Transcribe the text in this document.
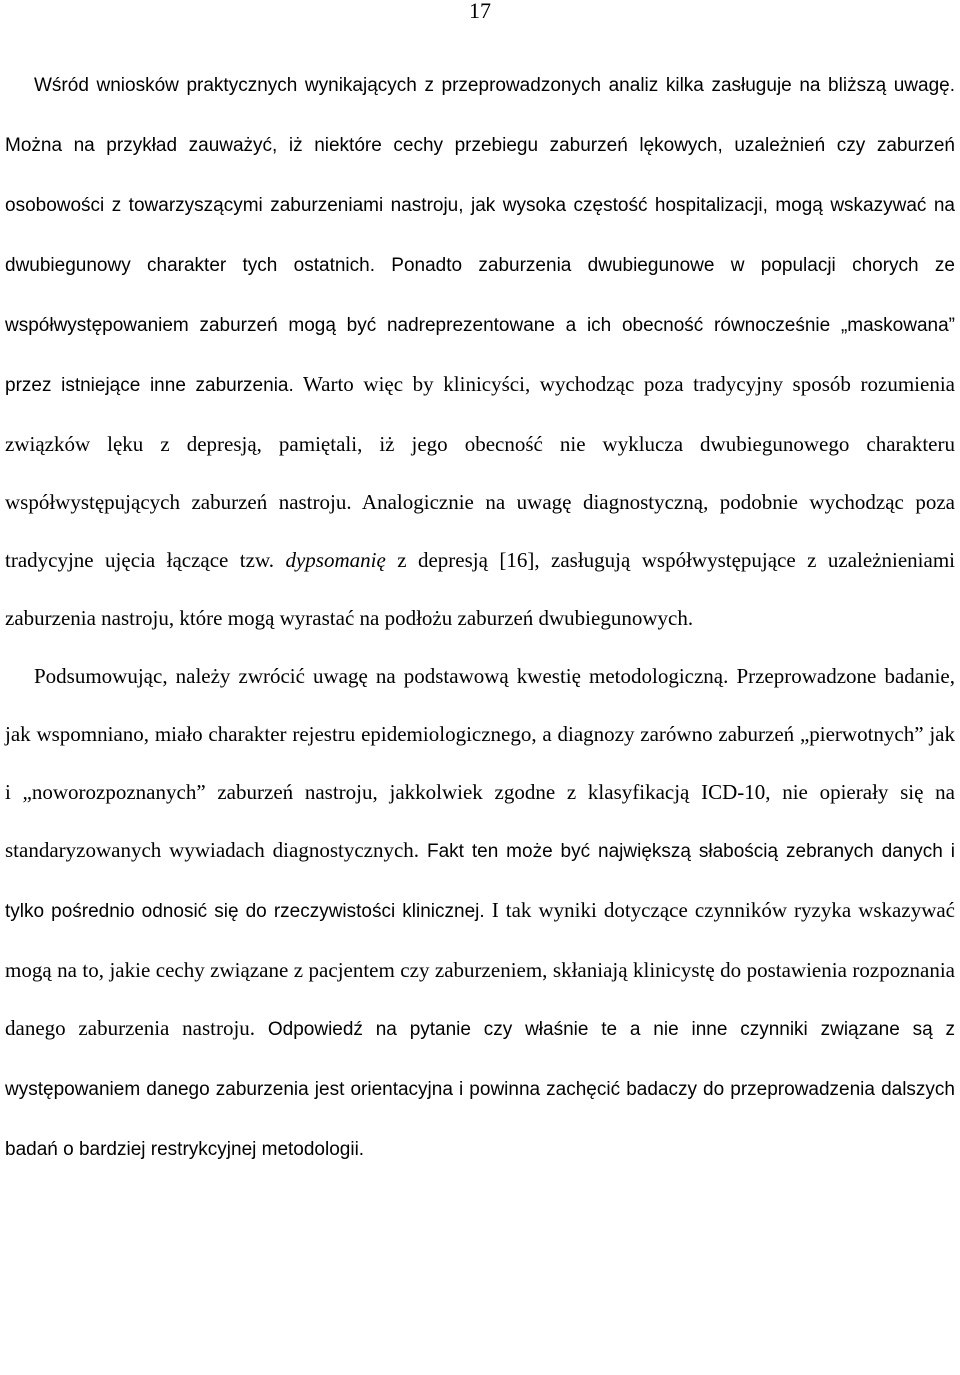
17

Wśród wniosków praktycznych wynikających z przeprowadzonych analiz kilka zasługuje na bliższą uwagę. Można na przykład zauważyć, iż niektóre cechy przebiegu zaburzeń lękowych, uzależnień czy zaburzeń osobowości z towarzyszącymi zaburzeniami nastroju, jak wysoka częstość hospitalizacji, mogą wskazywać na dwubiegunowy charakter tych ostatnich. Ponadto zaburzenia dwubiegunowe w populacji chorych ze współwystępowaniem zaburzeń mogą być nadreprezentowane a ich obecność równocześnie „maskowana” przez istniejące inne zaburzenia. Warto więc by klinicyści, wychodząc poza tradycyjny sposób rozumienia związków lęku z depresją, pamiętali, iż jego obecność nie wyklucza dwubiegunowego charakteru współwystępujących zaburzeń nastroju. Analogicznie na uwagę diagnostyczną, podobnie wychodząc poza tradycyjne ujęcia łączące tzw. dypsomanię z depresją [16], zasługują współwystępujące z uzależnieniami zaburzenia nastroju, które mogą wyrastać na podłożu zaburzeń dwubiegunowych.

Podsumowując, należy zwrócić uwagę na podstawową kwestię metodologiczną. Przeprowadzone badanie, jak wspomniano, miało charakter rejestru epidemiologicznego, a diagnozy zarówno zaburzeń „pierwotnych” jak i „noworozpoznanych” zaburzeń nastroju, jakkolwiek zgodne z klasyfikacją ICD-10, nie opierały się na standaryzowanych wywiadach diagnostycznych. Fakt ten może być największą słabością zebranych danych i tylko pośrednio odnosić się do rzeczywistości klinicznej. I tak wyniki dotyczące czynników ryzyka wskazywać mogą na to, jakie cechy związane z pacjentem czy zaburzeniem, skłaniają klinicystę do postawienia rozpoznania danego zaburzenia nastroju. Odpowiedź na pytanie czy właśnie te a nie inne czynniki związane są z występowaniem danego zaburzenia jest orientacyjna i powinna zachęcić badaczy do przeprowadzenia dalszych badań o bardziej restrykcyjnej metodologii.
